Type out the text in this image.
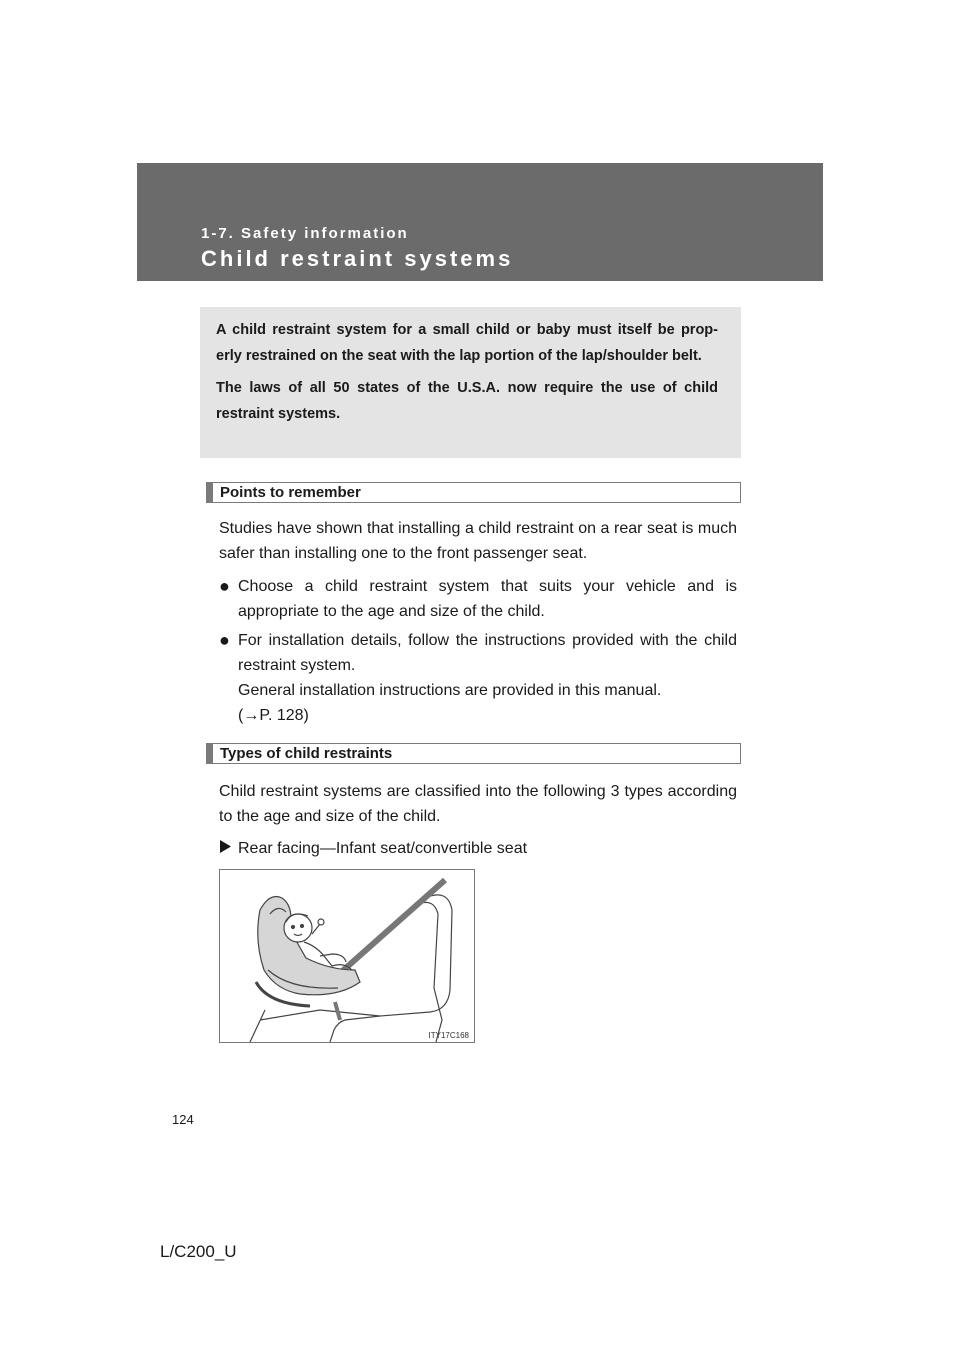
1-7. Safety information

Child restraint systems

A child restraint system for a small child or baby must itself be prop- erly restrained on the seat with the lap portion of the lap/shoulder belt.

The laws of all 50 states of the U.S.A. now require the use of child restraint systems.

Points to remember

Studies have shown that installing a child restraint on a rear seat is much safer than installing one to the front passenger seat.

● Choose a child restraint system that suits your vehicle and is appropriate to the age and size of the child.
● For installation details, follow the instructions provided with the child restraint system.
General installation instructions are provided in this manual.
(→P. 128)
Types of child restraints

Child restraint systems are classified into the following 3 types according to the age and size of the child.

Rear facing—Infant seat/convertible seat
ITY17C168
124
L/C200_U
